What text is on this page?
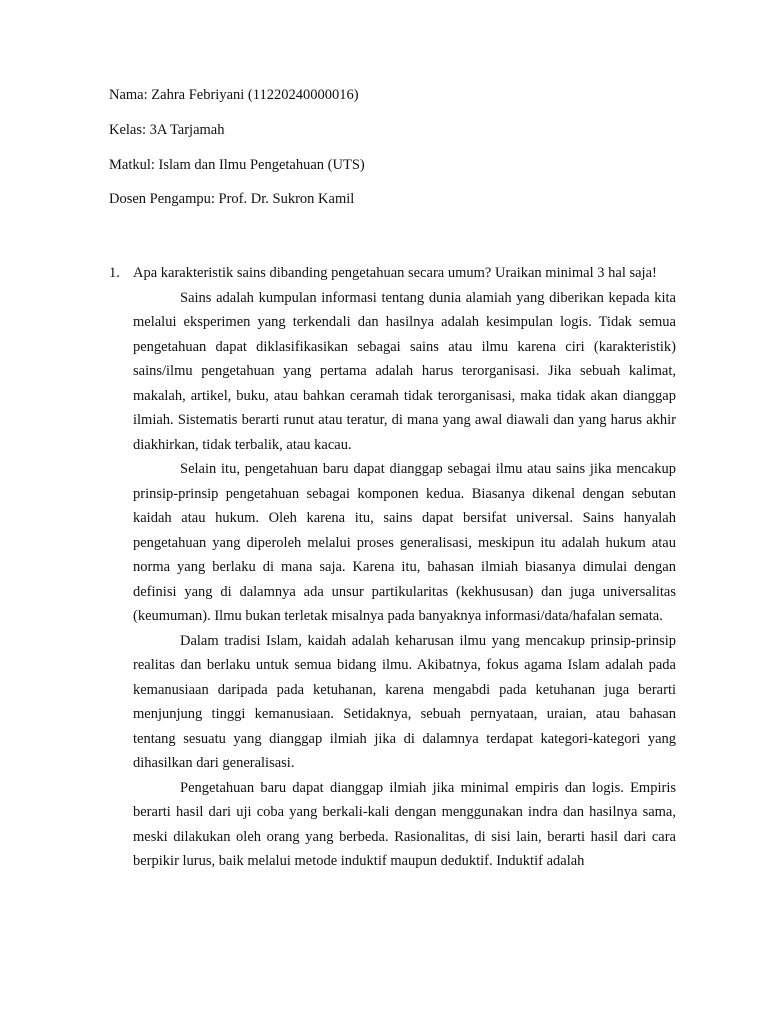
Nama: Zahra Febriyani (11220240000016)
Kelas: 3A Tarjamah
Matkul: Islam dan Ilmu Pengetahuan (UTS)
Dosen Pengampu: Prof. Dr. Sukron Kamil
1. Apa karakteristik sains dibanding pengetahuan secara umum? Uraikan minimal 3 hal saja!

Sains adalah kumpulan informasi tentang dunia alamiah yang diberikan kepada kita melalui eksperimen yang terkendali dan hasilnya adalah kesimpulan logis. Tidak semua pengetahuan dapat diklasifikasikan sebagai sains atau ilmu karena ciri (karakteristik) sains/ilmu pengetahuan yang pertama adalah harus terorganisasi. Jika sebuah kalimat, makalah, artikel, buku, atau bahkan ceramah tidak terorganisasi, maka tidak akan dianggap ilmiah. Sistematis berarti runut atau teratur, di mana yang awal diawali dan yang harus akhir diakhirkan, tidak terbalik, atau kacau.

Selain itu, pengetahuan baru dapat dianggap sebagai ilmu atau sains jika mencakup prinsip-prinsip pengetahuan sebagai komponen kedua. Biasanya dikenal dengan sebutan kaidah atau hukum. Oleh karena itu, sains dapat bersifat universal. Sains hanyalah pengetahuan yang diperoleh melalui proses generalisasi, meskipun itu adalah hukum atau norma yang berlaku di mana saja. Karena itu, bahasan ilmiah biasanya dimulai dengan definisi yang di dalamnya ada unsur partikularitas (kekhususan) dan juga universalitas (keumuman). Ilmu bukan terletak misalnya pada banyaknya informasi/data/hafalan semata.

Dalam tradisi Islam, kaidah adalah keharusan ilmu yang mencakup prinsip-prinsip realitas dan berlaku untuk semua bidang ilmu. Akibatnya, fokus agama Islam adalah pada kemanusiaan daripada pada ketuhanan, karena mengabdi pada ketuhanan juga berarti menjunjung tinggi kemanusiaan. Setidaknya, sebuah pernyataan, uraian, atau bahasan tentang sesuatu yang dianggap ilmiah jika di dalamnya terdapat kategori-kategori yang dihasilkan dari generalisasi.

Pengetahuan baru dapat dianggap ilmiah jika minimal empiris dan logis. Empiris berarti hasil dari uji coba yang berkali-kali dengan menggunakan indra dan hasilnya sama, meski dilakukan oleh orang yang berbeda. Rasionalitas, di sisi lain, berarti hasil dari cara berpikir lurus, baik melalui metode induktif maupun deduktif. Induktif adalah
